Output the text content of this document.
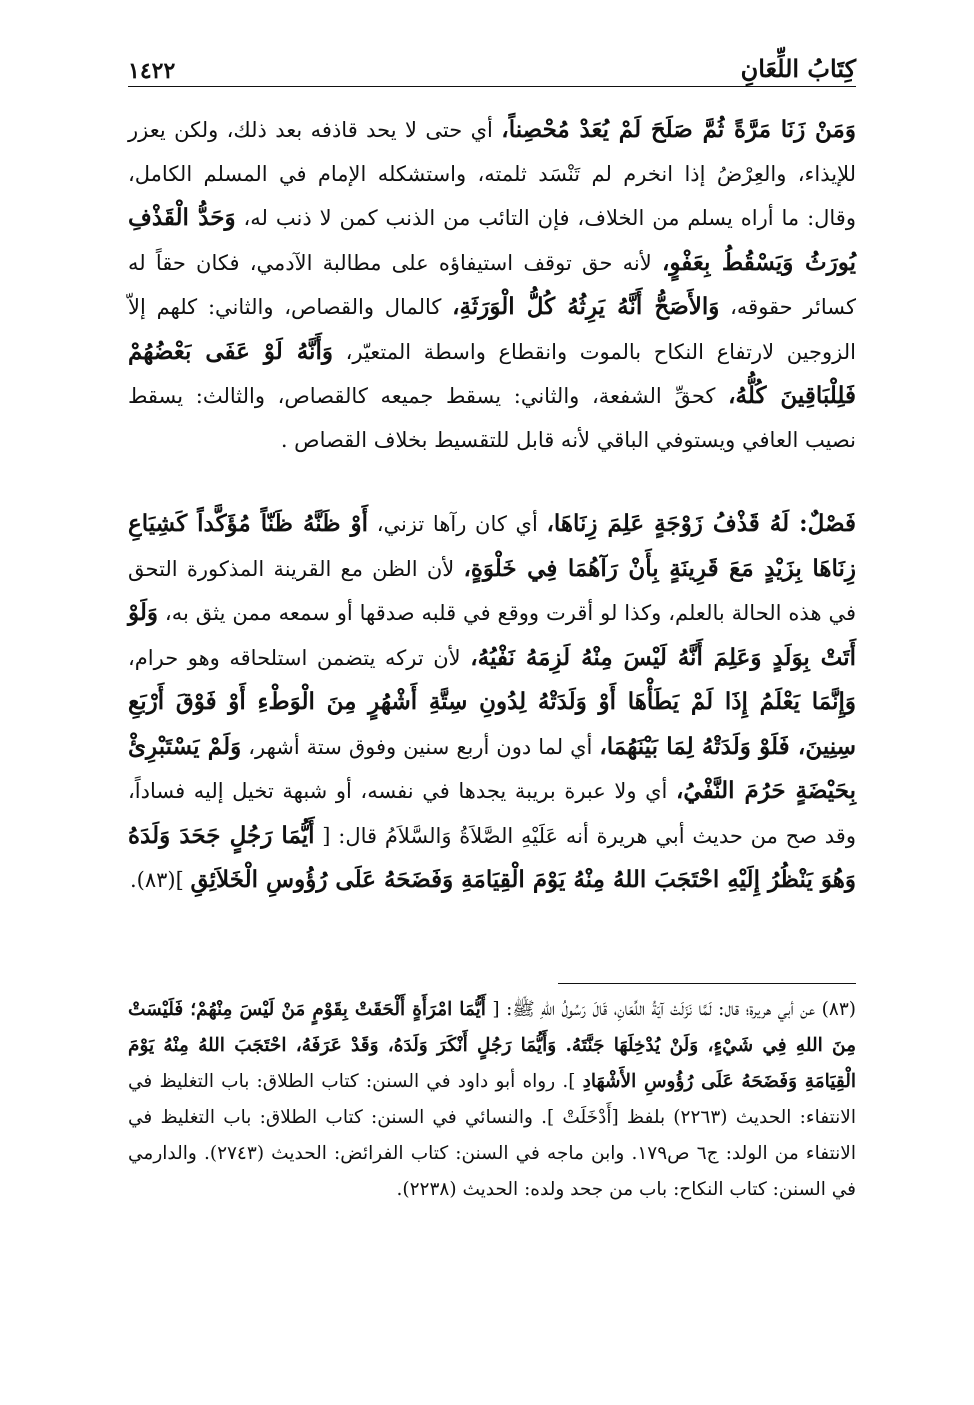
١٤٢٢	كِتَابُ اللِّعَانِ

وَمَنْ زَنَا مَرَّةً ثُمَّ صَلَحَ لَمْ يُعَدْ مُحْصِناً، أي حتى لا يحد قاذفه بعد ذلك، ولكن يعزر للإيذاء، والعِرْضُ إذا انخرم لم تَنْسَد ثلمته، واستشكله الإمام في المسلم الكامل، وقال: ما أراه يسلم من الخلاف، فإن التائب من الذنب كمن لا ذنب له، وَحَدُّ الْقَذْفِ يُورَثُ وَيَسْقُطُ بِعَفْوٍ، لأنه حق توقف استيفاؤه على مطالبة الآدمي، فكان حقاً له كسائر حقوقه، وَالأَصَحُّ أَنَّهُ يَرِثُهُ كُلُّ الْوَرَثَةِ، كالمال والقصاص، والثاني: كلهم إلاّ الزوجين لارتفاع النكاح بالموت وانقطاع واسطة المتعيّر، وَأَنَّهُ لَوْ عَفَى بَعْضُهُمْ فَلِلْبَاقِينَ كُلُّهُ، كحقِّ الشفعة، والثاني: يسقط جميعه كالقصاص، والثالث: يسقط نصيب العافي ويستوفي الباقي لأنه قابل للتقسيط بخلاف القصاص .

فَصْلٌ: لَهُ قَذْفُ زَوْجَةٍ عَلِمَ زِنَاهَا، أي كان رآها تزني، أَوْ ظَنَّهُ ظَنّاً مُؤَكَّداً كَشِيَاعِ زِنَاهَا بِزَيْدٍ مَعَ قَرِينَةٍ بِأَنْ رَآهُمَا فِي خَلْوَةٍ، لأن الظن مع القرينة المذكورة التحق في هذه الحالة بالعلم، وكذا لو أقرت ووقع في قلبه صدقها أو سمعه ممن يثق به، وَلَوْ أَتَتْ بِوَلَدٍ وَعَلِمَ أَنَّهُ لَيْسَ مِنْهُ لَزِمَهُ نَفْيُهُ، لأن تركه يتضمن استلحاقه وهو حرام، وَإِنَّمَا يَعْلَمُ إِذَا لَمْ يَطَأْهَا أَوْ وَلَدَتْهُ لِدُونِ سِتَّةِ أَشْهُرٍ مِنَ الْوَطْءِ أَوْ فَوْقَ أَرْبَعِ سِنِينَ، فَلَوْ وَلَدَتْهُ لِمَا بَيْنَهُمَا، أي لما دون أربع سنين وفوق ستة أشهر، وَلَمْ يَسْتَبْرِئْ بِحَيْضَةٍ حَرُمَ النَّفْيُ، أي ولا عبرة بريبة يجدها في نفسه، أو شبهة تخيل إليه فساداً، وقد صح من حديث أبي هريرة أنه عَلَيْهِ الصَّلاَةُ وَالسَّلاَمُ قال: [ أَيُّمَا رَجُلٍ جَحَدَ وَلَدَهُ وَهُوَ يَنْظُرُ إِلَيْهِ احْتَجَبَ اللهُ مِنْهُ يَوْمَ الْقِيَامَةِ وَفَضَحَهُ عَلَى رُؤُوسِ الْخَلاَئِقِ ](٨٣).

(٨٣) عن أبي هريرة؛ قال: لَمَّا نَزَلَتْ آيَةُ اللِّعَانِ، قَالَ رَسُولُ اللهِ ﷺ: [ أَيُّمَا امْرَأَةٍ أَلْحَقَتْ بِقَوْمٍ مَنْ لَيْسَ مِنْهُمْ؛ فَلَيْسَتْ مِنَ اللهِ فِي شَيْءٍ، وَلَنْ يُدْخِلَهَا جَنَّتَهُ. وَأَيُّمَا رَجُلٍ أَنْكَرَ وَلَدَهُ، وَقَدْ عَرَفَهُ، احْتَجَبَ اللهُ مِنْهُ يَوْمَ الْقِيَامَةِ وَفَضَحَهُ عَلَى رُؤُوسِ الأَشْهَادِ ]. رواه أبو داود في السنن: كتاب الطلاق: باب التغليظ في الانتفاء: الحديث (٢٢٦٣) بلفظ [أَدْخَلَتْ ]. والنسائي في السنن: كتاب الطلاق: باب التغليظ في الانتفاء من الولد: ج٦ ص١٧٩. وابن ماجه في السنن: كتاب الفرائض: الحديث (٢٧٤٣). والدارمي في السنن: كتاب النكاح: باب من جحد ولده: الحديث (٢٢٣٨).
